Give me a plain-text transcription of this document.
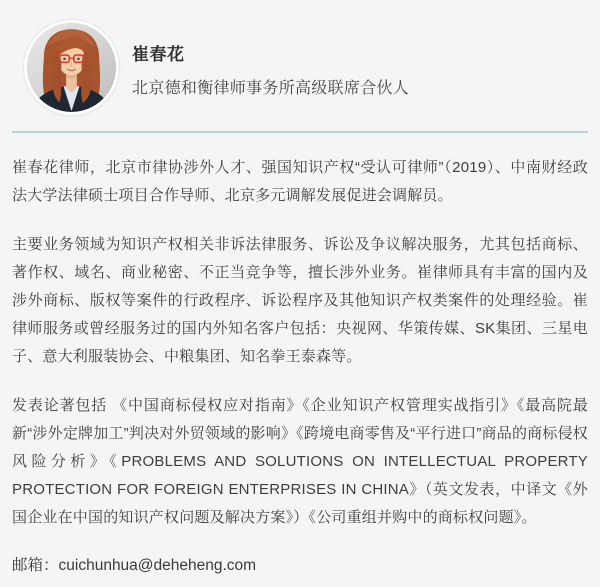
崔春花
北京德和衡律师事务所高级联席合伙人

崔春花律师，北京市律协涉外人才、强国知识产权“受认可律师”（2019）、中南财经政法大学法律硕士项目合作导师、北京多元调解发展促进会调解员。

主要业务领域为知识产权相关非诉法律服务、诉讼及争议解决服务，尤其包括商标、著作权、域名、商业秘密、不正当竞争等，擅长涉外业务。崔律师具有丰富的国内及涉外商标、版权等案件的行政程序、诉讼程序及其他知识产权类案件的处理经验。崔律师服务或曾经服务过的国内外知名客户包括：央视网、华策传媒、SK集团、三星电子、意大利服装协会、中粮集团、知名拳王泰森等。

发表论著包括 《中国商标侵权应对指南》《企业知识产权管理实战指引》《最高院最新“涉外定牌加工”判决对外贸领域的影响》《跨境电商零售及“平行进口”商品的商标侵权风险分析》《PROBLEMS AND SOLUTIONS ON INTELLECTUAL PROPERTY PROTECTION FOR FOREIGN ENTERPRISES IN CHINA》（英文发表，中译文《外国企业在中国的知识产权问题及解决方案》）《公司重组并购中的商标权问题》。

邮箱：cuichunhua@deheheng.com
